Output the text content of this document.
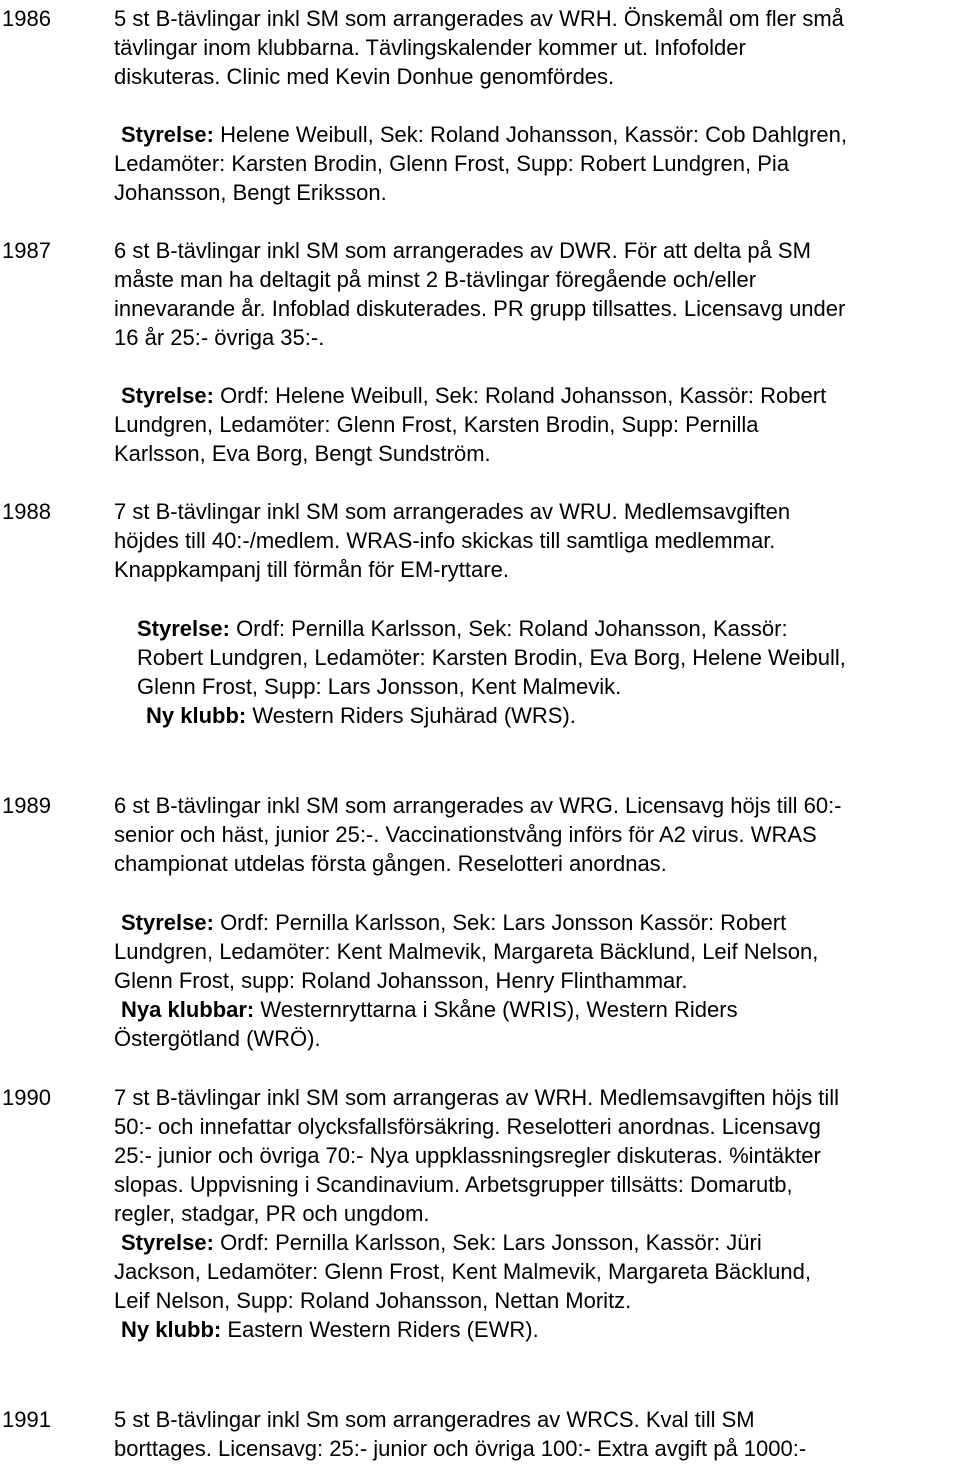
1986	5 st B-tävlingar inkl SM som arrangerades av WRH. Önskemål om fler små
tävlingar inom klubbarna. Tävlingskalender kommer ut. Infofolder
diskuteras. Clinic med Kevin Donhue genomfördes.
Styrelse: Helene Weibull, Sek: Roland Johansson, Kassör: Cob Dahlgren,
Ledamöter: Karsten Brodin, Glenn Frost, Supp: Robert Lundgren, Pia
Johansson, Bengt Eriksson.
1987	6 st B-tävlingar inkl SM som arrangerades av DWR. För att delta på SM
måste man ha deltagit på minst 2 B-tävlingar föregående och/eller
innevarande år. Infoblad diskuterades. PR grupp tillsattes. Licensavg under
16 år 25:- övriga 35:-.
Styrelse: Ordf: Helene Weibull, Sek: Roland Johansson, Kassör: Robert
Lundgren, Ledamöter: Glenn Frost, Karsten Brodin, Supp: Pernilla
Karlsson, Eva Borg, Bengt Sundström.
1988	7 st B-tävlingar inkl SM som arrangerades av WRU. Medlemsavgiften
höjdes till 40:-/medlem. WRAS-info skickas till samtliga medlemmar.
Knappkampanj till förmån för EM-ryttare.
Styrelse: Ordf: Pernilla Karlsson, Sek: Roland Johansson, Kassör:
Robert Lundgren, Ledamöter: Karsten Brodin, Eva Borg, Helene Weibull,
Glenn Frost, Supp: Lars Jonsson, Kent Malmevik.
Ny klubb: Western Riders Sjuhärad (WRS).
1989	6 st B-tävlingar inkl SM som arrangerades av WRG. Licensavg höjs till 60:-
senior och häst, junior 25:-. Vaccinationstvång införs för A2 virus. WRAS
championat utdelas första gången. Reselotteri anordnas.
Styrelse: Ordf: Pernilla Karlsson, Sek: Lars Jonsson Kassör: Robert
Lundgren, Ledamöter: Kent Malmevik, Margareta Bäcklund, Leif Nelson,
Glenn Frost, supp: Roland Johansson, Henry Flinthammar.
Nya klubbar: Westernryttarna i Skåne (WRIS), Western Riders
Östergötland (WRÖ).
1990	7 st B-tävlingar inkl SM som arrangeras av WRH. Medlemsavgiften höjs till
50:- och innefattar olycksfallsförsäkring. Reselotteri anordnas. Licensavg
25:- junior och övriga 70:- Nya uppklassningsregler diskuteras. %intäkter
slopas. Uppvisning i Scandinavium. Arbetsgrupper tillsätts: Domarutb,
regler, stadgar, PR och ungdom.
Styrelse: Ordf: Pernilla Karlsson, Sek: Lars Jonsson, Kassör: Jüri
Jackson, Ledamöter: Glenn Frost, Kent Malmevik, Margareta Bäcklund,
Leif Nelson, Supp: Roland Johansson, Nettan Moritz.
Ny klubb: Eastern Western Riders (EWR).
1991	5 st B-tävlingar inkl Sm som arrangeradres av WRCS. Kval till SM
borttages. Licensavg: 25:- junior och övriga 100:- Extra avgift på 1000:-
